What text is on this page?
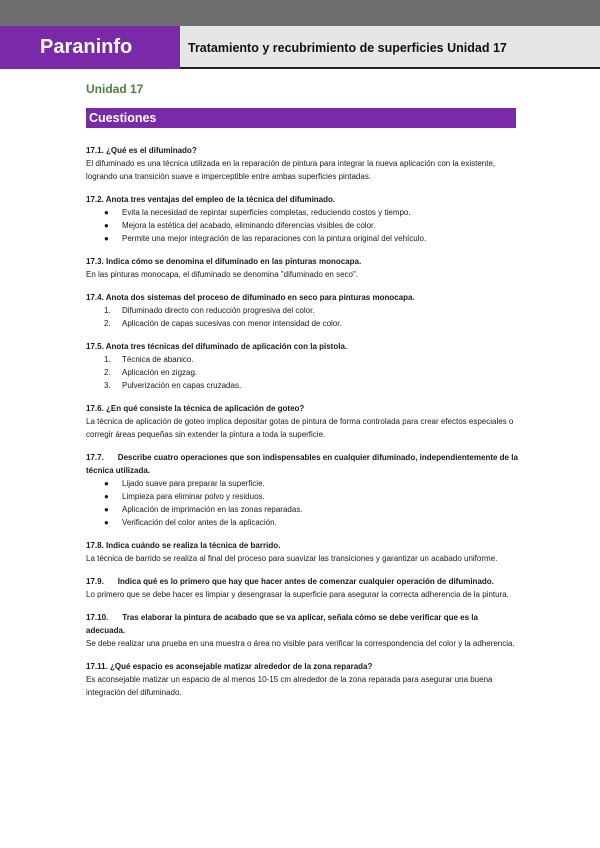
Paraninfo	Tratamiento y recubrimiento de superficies Unidad 17
Unidad 17
Cuestiones
17.1. ¿Qué es el difuminado?
El difuminado es una técnica utilizada en la reparación de pintura para integrar la nueva aplicación con la existente, logrando una transición suave e imperceptible entre ambas superficies pintadas.
17.2. Anota tres ventajas del empleo de la técnica del difuminado.
● Evita la necesidad de repintar superficies completas, reduciendo costos y tiempo.
● Mejora la estética del acabado, eliminando diferencias visibles de color.
● Permite una mejor integración de las reparaciones con la pintura original del vehículo.
17.3. Indica cómo se denomina el difuminado en las pinturas monocapa.
En las pinturas monocapa, el difuminado se denomina "difuminado en seco".
17.4. Anota dos sistemas del proceso de difuminado en seco para pinturas monocapa.
1. Difuminado directo con reducción progresiva del color.
2. Aplicación de capas sucesivas con menor intensidad de color.
17.5. Anota tres técnicas del difuminado de aplicación con la pistola.
1. Técnica de abanico.
2. Aplicación en zigzag.
3. Pulverización en capas cruzadas.
17.6. ¿En qué consiste la técnica de aplicación de goteo?
La técnica de aplicación de goteo implica depositar gotas de pintura de forma controlada para crear efectos especiales o corregir áreas pequeñas sin extender la pintura a toda la superficie.
17.7. Describe cuatro operaciones que son indispensables en cualquier difuminado, independientemente de la técnica utilizada.
● Lijado suave para preparar la superficie.
● Limpieza para eliminar polvo y residuos.
● Aplicación de imprimación en las zonas reparadas.
● Verificación del color antes de la aplicación.
17.8. Indica cuándo se realiza la técnica de barrido.
La técnica de barrido se realiza al final del proceso para suavizar las transiciones y garantizar un acabado uniforme.
17.9. Indica qué es lo primero que hay que hacer antes de comenzar cualquier operación de difuminado.
Lo primero que se debe hacer es limpiar y desengrasar la superficie para asegurar la correcta adherencia de la pintura.
17.10. Tras elaborar la pintura de acabado que se va aplicar, señala cómo se debe verificar que es la adecuada.
Se debe realizar una prueba en una muestra o área no visible para verificar la correspondencia del color y la adherencia.
17.11. ¿Qué espacio es aconsejable matizar alrededor de la zona reparada?
Es aconsejable matizar un espacio de al menos 10-15 cm alrededor de la zona reparada para asegurar una buena integración del difuminado.
